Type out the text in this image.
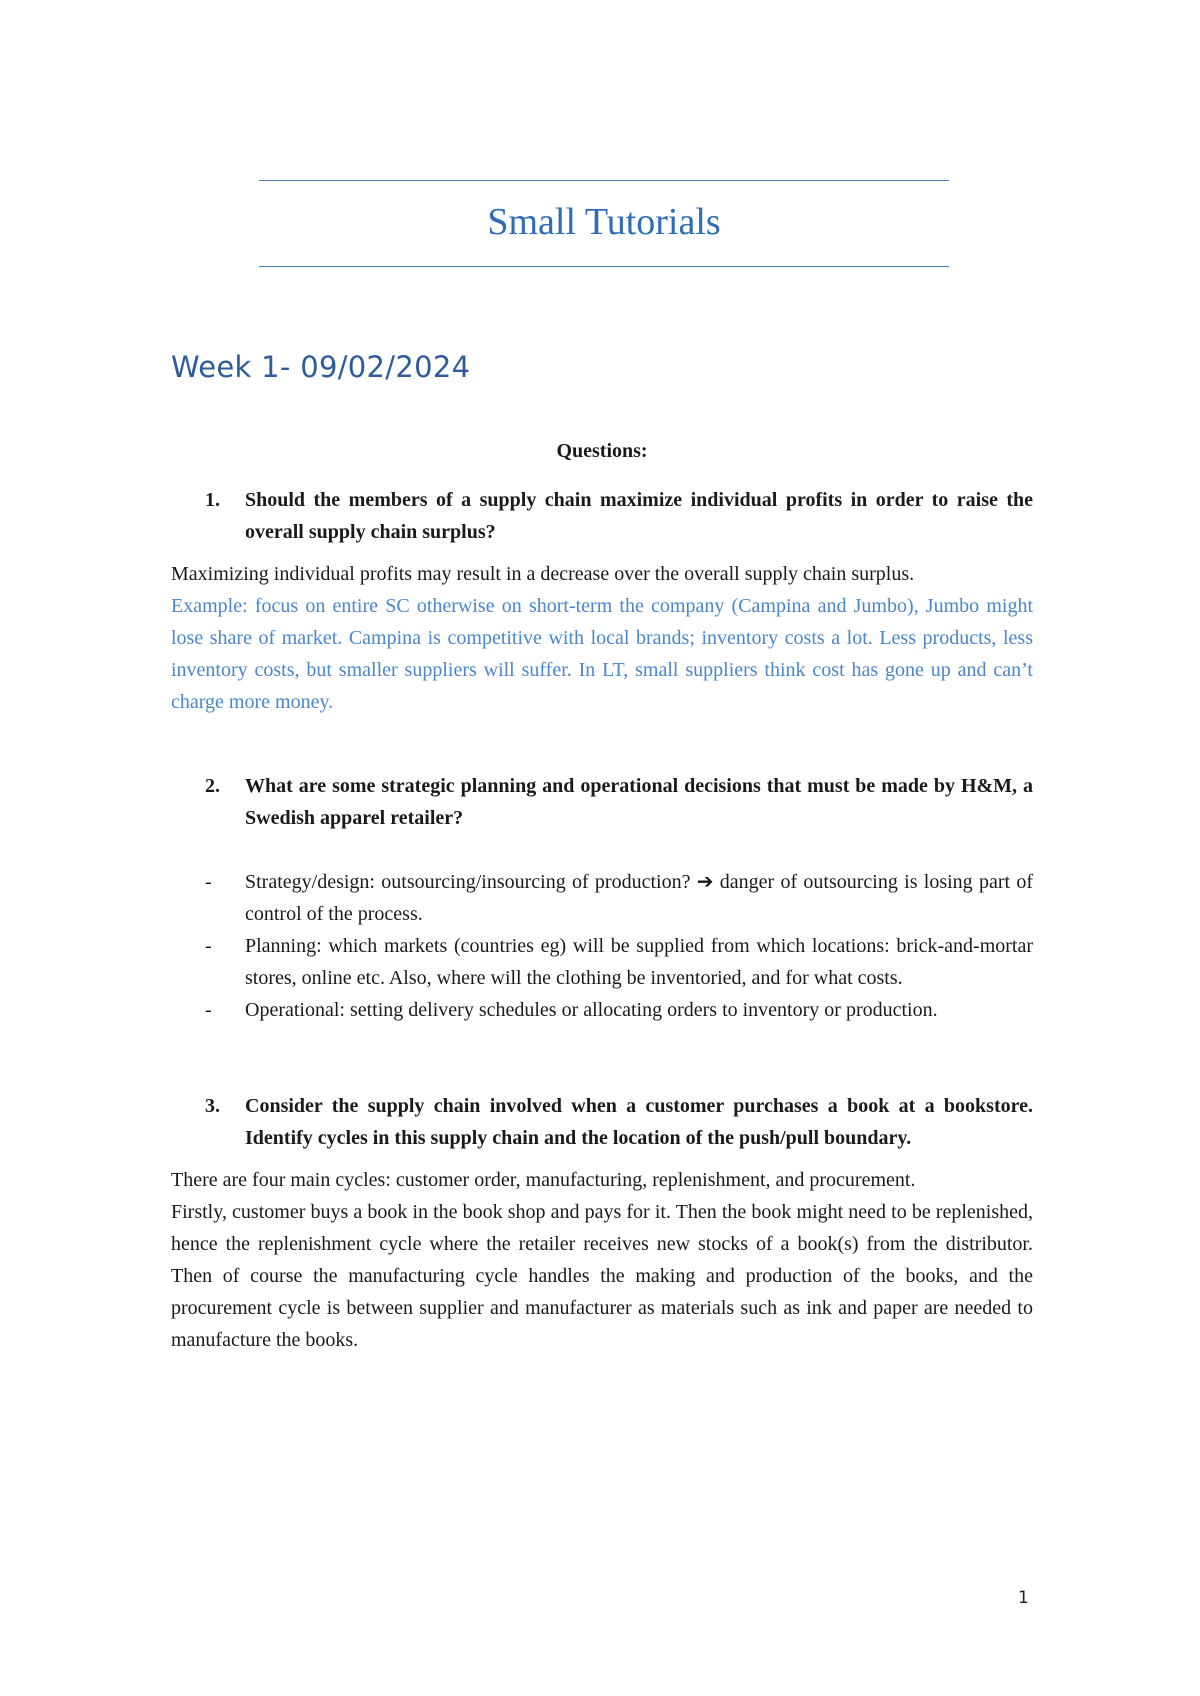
Small Tutorials
Week 1- 09/02/2024
Questions:
1.	Should the members of a supply chain maximize individual profits in order to raise the overall supply chain surplus?

Maximizing individual profits may result in a decrease over the overall supply chain surplus.

Example: focus on entire SC otherwise on short-term the company (Campina and Jumbo), Jumbo might lose share of market. Campina is competitive with local brands; inventory costs a lot. Less products, less inventory costs, but smaller suppliers will suffer. In LT, small suppliers think cost has gone up and can’t charge more money.

2.	What are some strategic planning and operational decisions that must be made by H&M, a Swedish apparel retailer?
-	Strategy/design: outsourcing/insourcing of production? ➔ danger of outsourcing is losing part of control of the process.
-	Planning: which markets (countries eg) will be supplied from which locations: brick-and-mortar stores, online etc. Also, where will the clothing be inventoried, and for what costs.
-	Operational: setting delivery schedules or allocating orders to inventory or production.
3.	Consider the supply chain involved when a customer purchases a book at a bookstore. Identify cycles in this supply chain and the location of the push/pull boundary.

There are four main cycles: customer order, manufacturing, replenishment, and procurement.

Firstly, customer buys a book in the book shop and pays for it. Then the book might need to be replenished, hence the replenishment cycle where the retailer receives new stocks of a book(s) from the distributor. Then of course the manufacturing cycle handles the making and production of the books, and the procurement cycle is between supplier and manufacturer as materials such as ink and paper are needed to manufacture the books.

1
